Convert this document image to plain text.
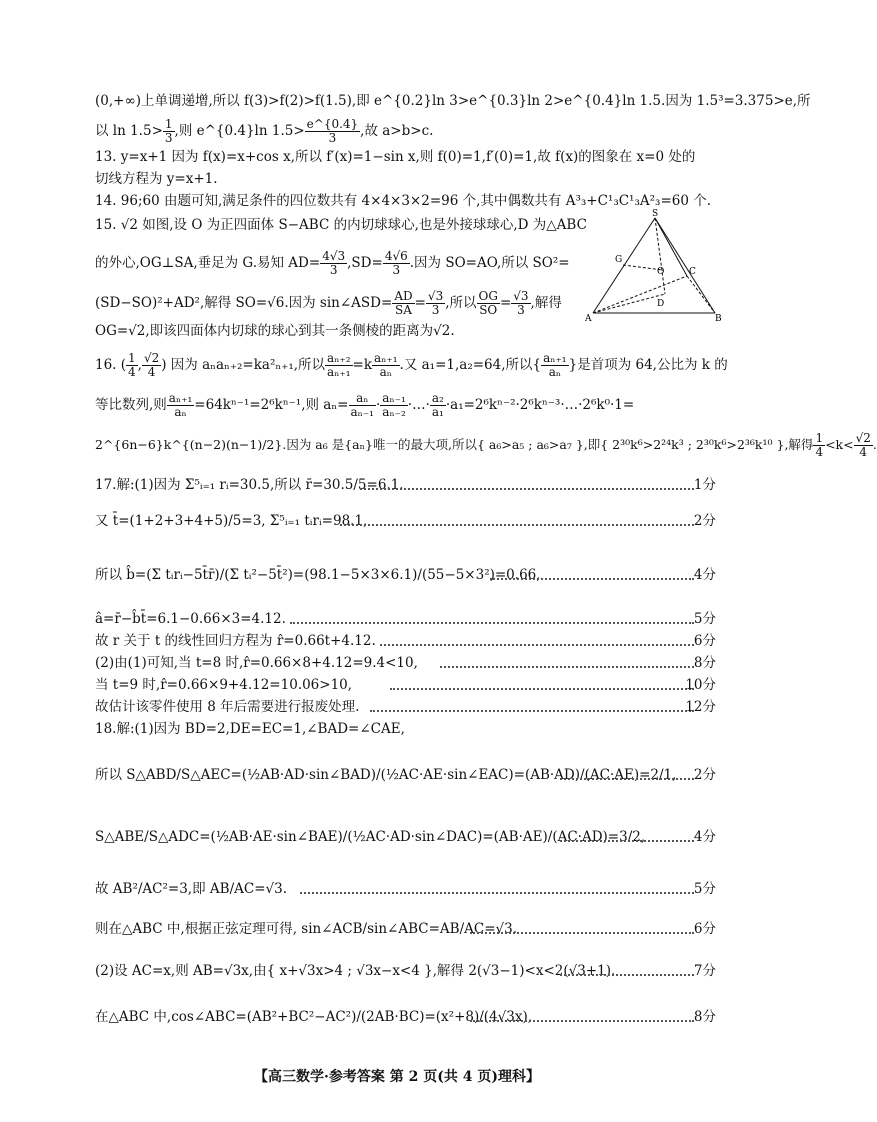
(0,+∞)上单调递增,所以 f(3)>f(2)>f(1.5),即 e^{0.2}ln 3>e^{0.3}ln 2>e^{0.4}ln 1.5.因为 1.5³=3.375>e,所
以 $\ln 1.5> \frac{1}{3}$ ,则 e^{0.4}ln $1.5> \frac{e\^{}\{0.4\}}{3}$ ,故 a>b>c.
13. y=x+1 因为 f(x)=x+cos x,所以 f′(x)=1−sin x,则 f(0)=1,f′(0)=1,故 f(x)的图象在 x=0 处的
切线方程为 y=x+1.
14. 96;60 由题可知,满足条件的四位数共有 4×4×3×2=96 个,其中偶数共有 A³₃+C¹₃C¹₃A²₃=60 个.
15. √2 如图,设 O 为正四面体 S−ABC 的内切球球心,也是外接球球心,D 为△ABC
的外心,OG⊥SA,垂足为 G.易知 $AD= \frac{4√3}{3} ,SD= \frac{4√6}{3}$ .因为 SO=AO,所以 SO²=
(SD−SO)²+AD²,解得 SO=√6.因为 sin∠ASD= $\frac{AD}{SA} = \frac{√3}{3}$ ,所以 $\frac{OG}{SO} = \frac{√3}{3}$ ,解得
OG=√2,即该四面体内切球的球心到其一条侧棱的距离为√2.
S
A	B
C
O
G
D
16. ( $\frac{1}{4}$ , $\frac{√2}{4}$ ) 因为 aₙaₙ₊₂=ka²ₙ₊₁,所以 $\frac{\text{aₙ₊₂}}{\text{aₙ₊₁}} =k \frac{\text{aₙ₊₁}}{\text{aₙ}}$ .又 a₁=1,a₂=64,所以{ $\frac{\text{aₙ₊₁}}{\text{aₙ}}$ }是首项为 64,公比为 k 的
等比数列,则 $\frac{\text{aₙ₊₁}}{\text{aₙ}} =64k^{n-1}=2^6k^{n-1}$,则 $a_n= \frac{\text{aₙ}}{\text{aₙ₋₁}} \cdot \frac{\text{aₙ₋₁}}{\text{aₙ₋₂}}$ ·…· $\frac{\text{a₂}}{\text{a₁}}$ ·a₁=2⁶kⁿ⁻²·2⁶kⁿ⁻³·…·2⁶k⁰·1=
2^{6n−6}k^{(n−2)(n−1)/2}.因为 a₆ 是{aₙ}唯一的最大项,所以{ a₆>a₅ ; a₆>a₇ },即{ 2³⁰k⁶>2²⁴k³ ; 2³⁰k⁶>2³⁶k¹⁰ },解得 $\frac{1}{4} <k< \frac{√2}{4}$ .
17.解:(1)因为 Σ⁵ᵢ₌₁ rᵢ=30.5,所以 r̄=30.5/5=6.1.	1分
又 t̄=(1+2+3+4+5)/5=3, Σ⁵ᵢ₌₁ tᵢrᵢ=98.1,	2分
所以 b̂=(Σ tᵢrᵢ−5t̄r̄)/(Σ tᵢ²−5t̄²)=(98.1−5×3×6.1)/(55−5×3²)=0.66,	4分
â=r̄−b̂t̄=6.1−0.66×3=4.12.	5分
故 r 关于 t 的线性回归方程为 r̂=0.66t+4.12.	6分
(2)由(1)可知,当 t=8 时,r̂=0.66×8+4.12=9.4<10,	8分
当 t=9 时,r̂=0.66×9+4.12=10.06>10,	10分
故估计该零件使用 8 年后需要进行报废处理.	12分
18.解:(1)因为 BD=2,DE=EC=1,∠BAD=∠CAE,
所以 S△ABD/S△AEC=(½AB·AD·sin∠BAD)/(½AC·AE·sin∠EAC)=(AB·AD)/(AC·AE)=2/1, 2分
S△ABE/S△ADC=(½AB·AE·sin∠BAE)/(½AC·AD·sin∠DAC)=(AB·AE)/(AC·AD)=3/2,	4分
故 AB²/AC²=3,即 AB/AC=√3.	5分
则在△ABC 中,根据正弦定理可得, sin∠ACB/sin∠ABC=AB/AC=√3.	6分
(2)设 AC=x,则 AB=√3x,由{ x+√3x>4 ; √3x−x<4 },解得 2(√3−1)<x<2(√3+1).	7分
在△ABC 中,cos∠ABC=(AB²+BC²−AC²)/(2AB·BC)=(x²+8)/(4√3x),	8分
【高三数学·参考答案 第 2 页(共 4 页)理科】
